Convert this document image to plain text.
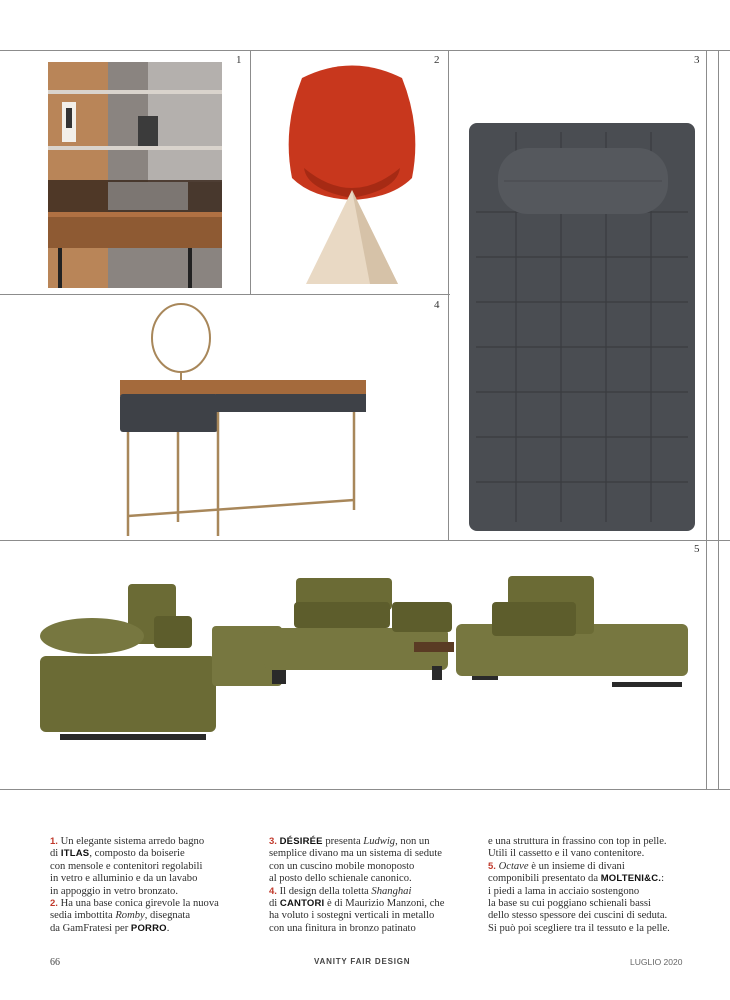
1	2	3
4
5

1. Un elegante sistema arredo bagno
di ITLAS, composto da boiserie
con mensole e contenitori regolabili
in vetro e alluminio e da un lavabo
in appoggio in vetro bronzato.

2. Ha una base conica girevole la nuova
sedia imbottita Romby, disegnata
da GamFratesi per PORRO.

3. DÉSIRÉE presenta Ludwig, non un
semplice divano ma un sistema di sedute
con un cuscino mobile monoposto
al posto dello schienale canonico.

4. Il design della toletta Shanghai
di CANTORI è di Maurizio Manzoni, che
ha voluto i sostegni verticali in metallo
con una finitura in bronzo patinato

e una struttura in frassino con top in pelle.
Utili il cassetto e il vano contenitore.

5. Octave è un insieme di divani
componibili presentato da MOLTENI&C.:
i piedi a lama in acciaio sostengono
la base su cui poggiano schienali bassi
dello stesso spessore dei cuscini di seduta.
Si può poi scegliere tra il tessuto e la pelle.

66	VANITY FAIR DESIGN	LUGLIO 2020
